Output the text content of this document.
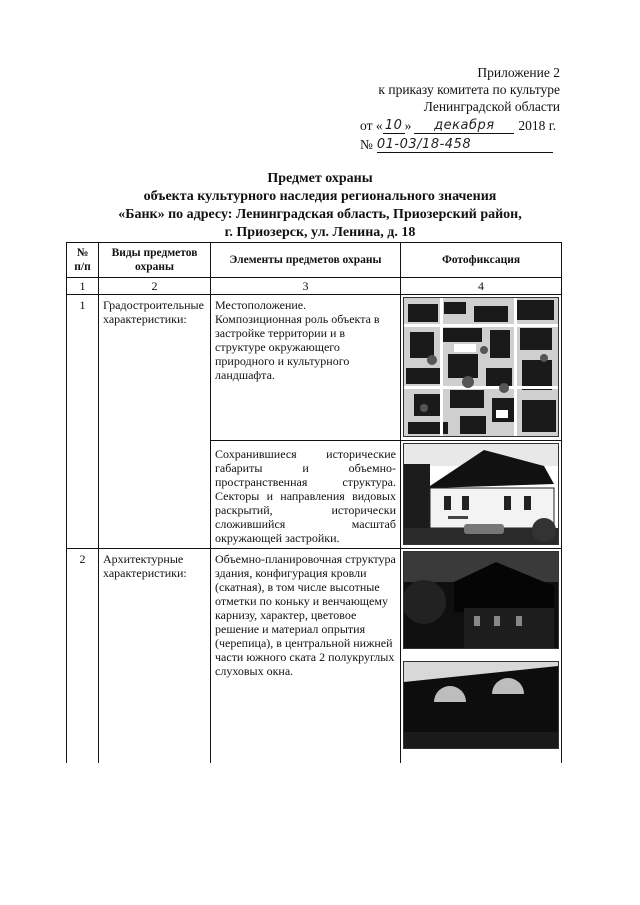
Приложение 2
к приказу комитета по культуре
Ленинградской области
от « 10 »	декабря	2018 г.
№ 01-03/18-458
Предмет охраны
объекта культурного наследия регионального значения
«Банк» по адресу: Ленинградская область, Приозерский район,
г. Приозерск, ул. Ленина, д. 18
№ п/п	Виды предметов охраны	Элементы предметов охраны	Фотофиксация
1	2	3	4
1	Градостроительные характеристики:	Местоположение. Композиционная роль объекта в застройке территории и в структуре окружающего природного и культурного ландшафта.	

		Сохранившиеся исторические габариты и объемно-пространственная структура. Секторы и направления видовых раскрытий, исторически сложившийся масштаб окружающей застройки.	

2	Архитектурные характеристики:	Объемно-планировочная структура здания, конфигурация кровли (скатная), в том числе высотные отметки по коньку и венчающему карнизу, характер, цветовое решение и материал опрытия (черепица), в центральной нижней части южного ската 2 полукруглых слуховых окна.	
